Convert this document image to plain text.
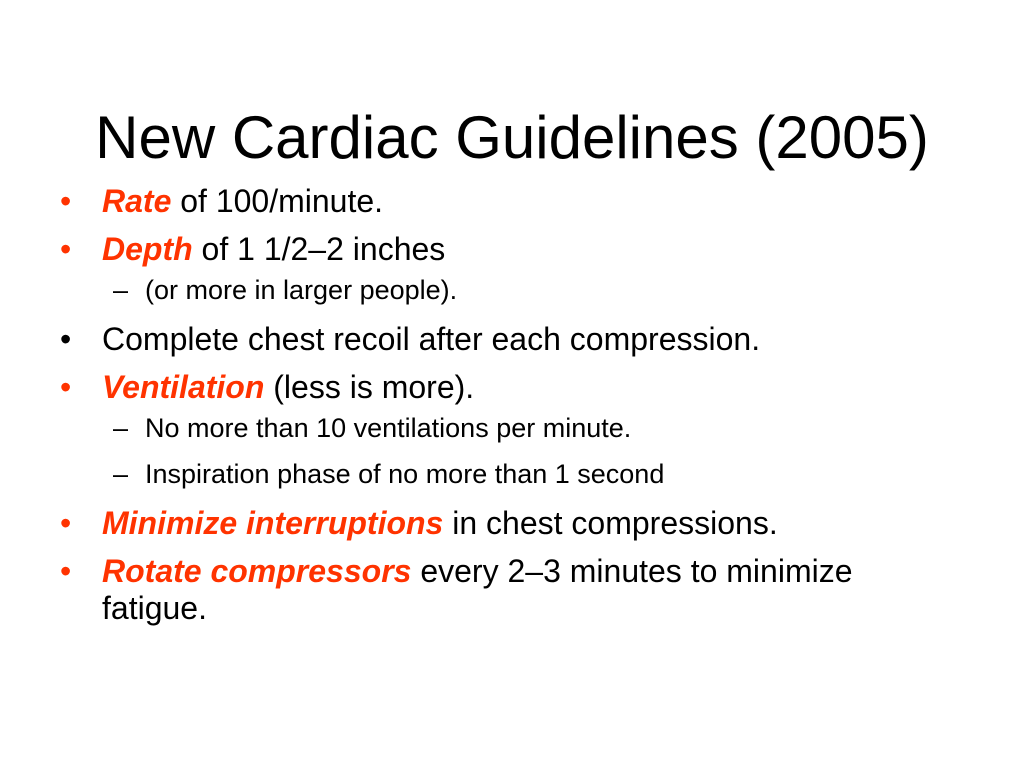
New Cardiac Guidelines (2005)
• Rate of 100/minute.
• Depth of 1 1/2–2 inches
– (or more in larger people).
• Complete chest recoil after each compression.
• Ventilation (less is more).
– No more than 10 ventilations per minute.
– Inspiration phase of no more than 1 second
• Minimize interruptions in chest compressions.
• Rotate compressors every 2–3 minutes to minimize fatigue.
